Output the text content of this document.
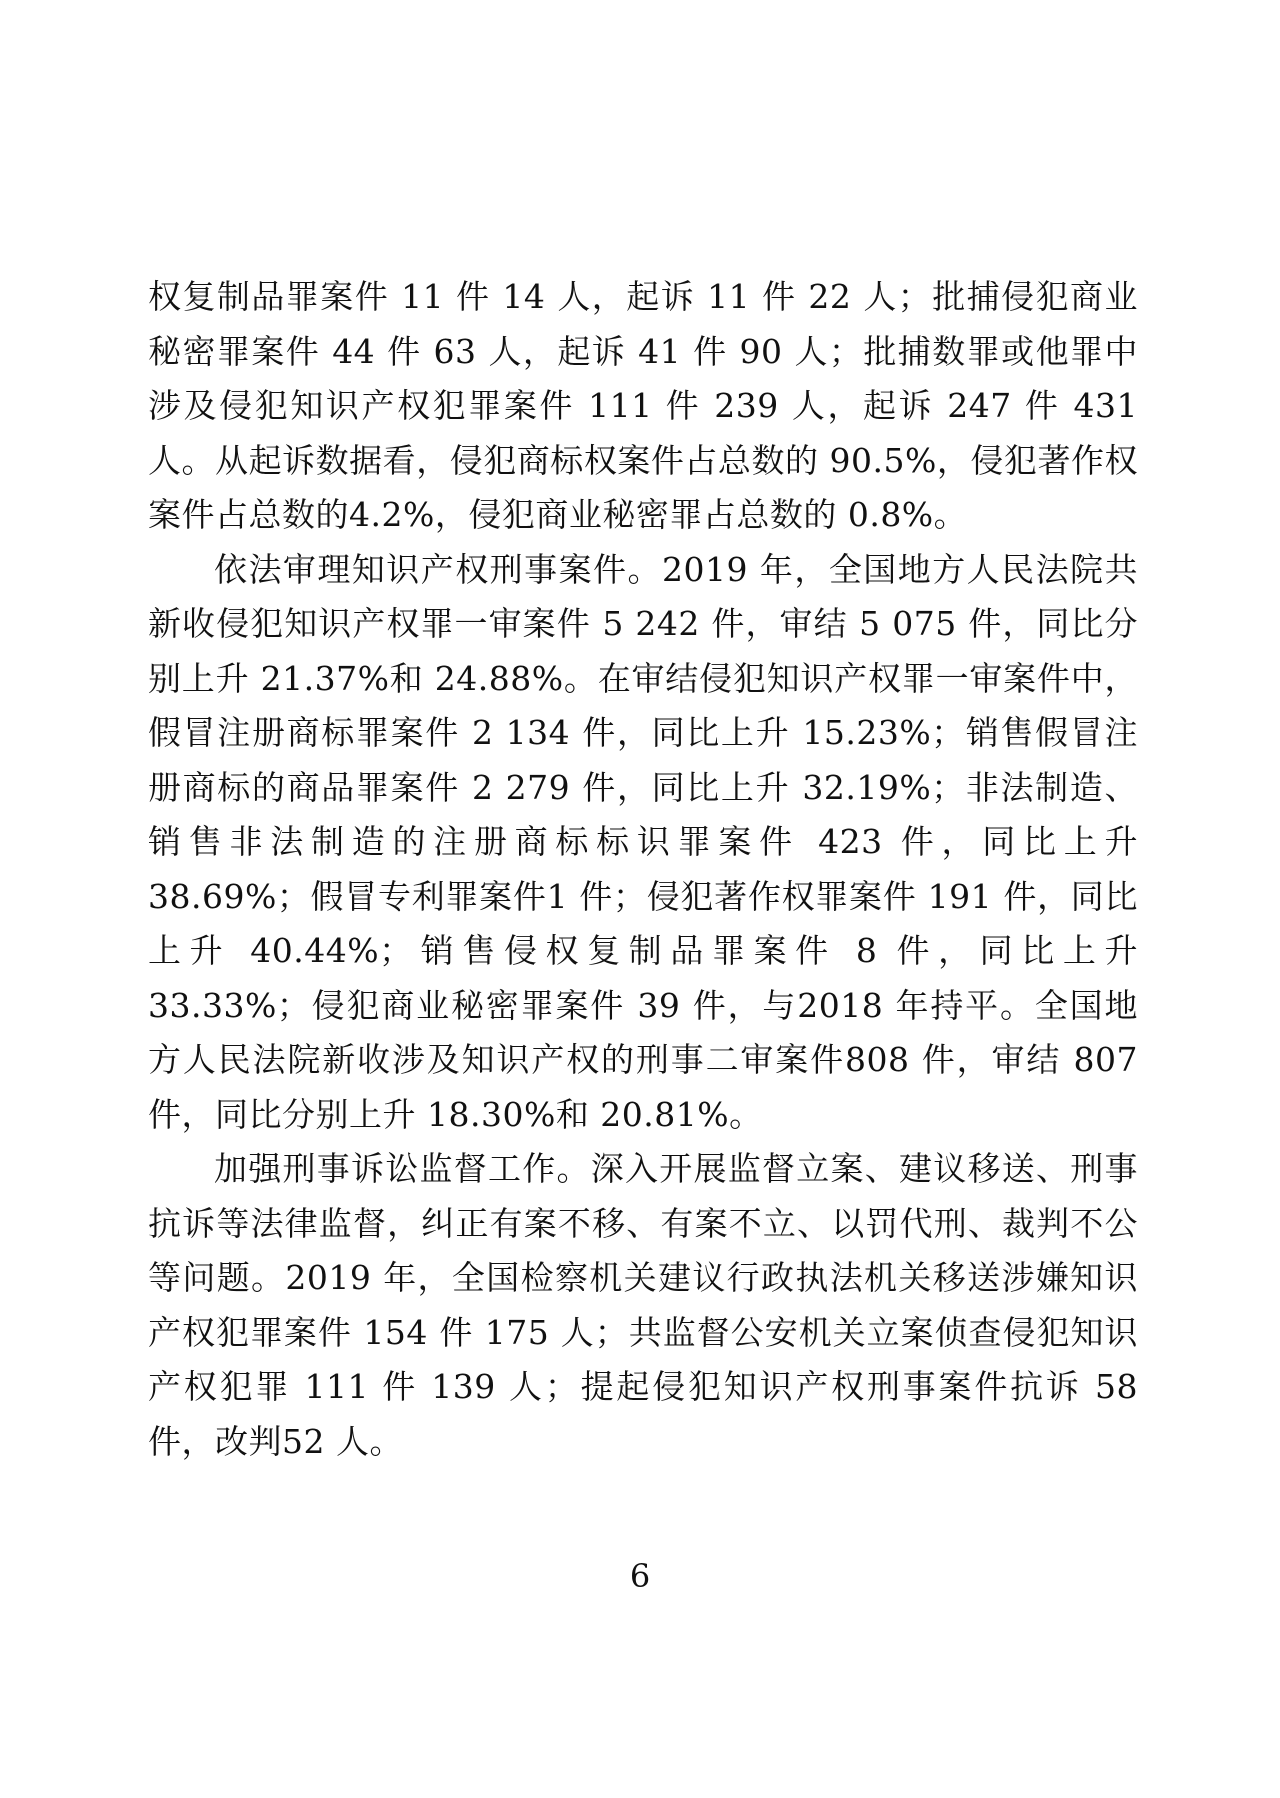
权复制品罪案件 11 件 14 人，起诉 11 件 22 人；批捕侵犯商业秘密罪案件 44 件 63 人，起诉 41 件 90 人；批捕数罪或他罪中涉及侵犯知识产权犯罪案件 111 件 239 人，起诉 247 件 431 人。从起诉数据看，侵犯商标权案件占总数的 90.5%，侵犯著作权案件占总数的4.2%，侵犯商业秘密罪占总数的 0.8%。

依法审理知识产权刑事案件。2019 年，全国地方人民法院共新收侵犯知识产权罪一审案件 5 242 件，审结 5 075 件，同比分别上升 21.37%和 24.88%。在审结侵犯知识产权罪一审案件中，假冒注册商标罪案件 2 134 件，同比上升 15.23%；销售假冒注册商标的商品罪案件 2 279 件，同比上升 32.19%；非法制造、销售非法制造的注册商标标识罪案件 423 件，同比上升 38.69%；假冒专利罪案件1 件；侵犯著作权罪案件 191 件，同比上升 40.44%；销售侵权复制品罪案件 8 件，同比上升 33.33%；侵犯商业秘密罪案件 39 件，与2018 年持平。全国地方人民法院新收涉及知识产权的刑事二审案件808 件，审结 807 件，同比分别上升 18.30%和 20.81%。

加强刑事诉讼监督工作。深入开展监督立案、建议移送、刑事抗诉等法律监督，纠正有案不移、有案不立、以罚代刑、裁判不公等问题。2019 年，全国检察机关建议行政执法机关移送涉嫌知识产权犯罪案件 154 件 175 人；共监督公安机关立案侦查侵犯知识产权犯罪 111 件 139 人；提起侵犯知识产权刑事案件抗诉 58 件，改判52 人。

6
